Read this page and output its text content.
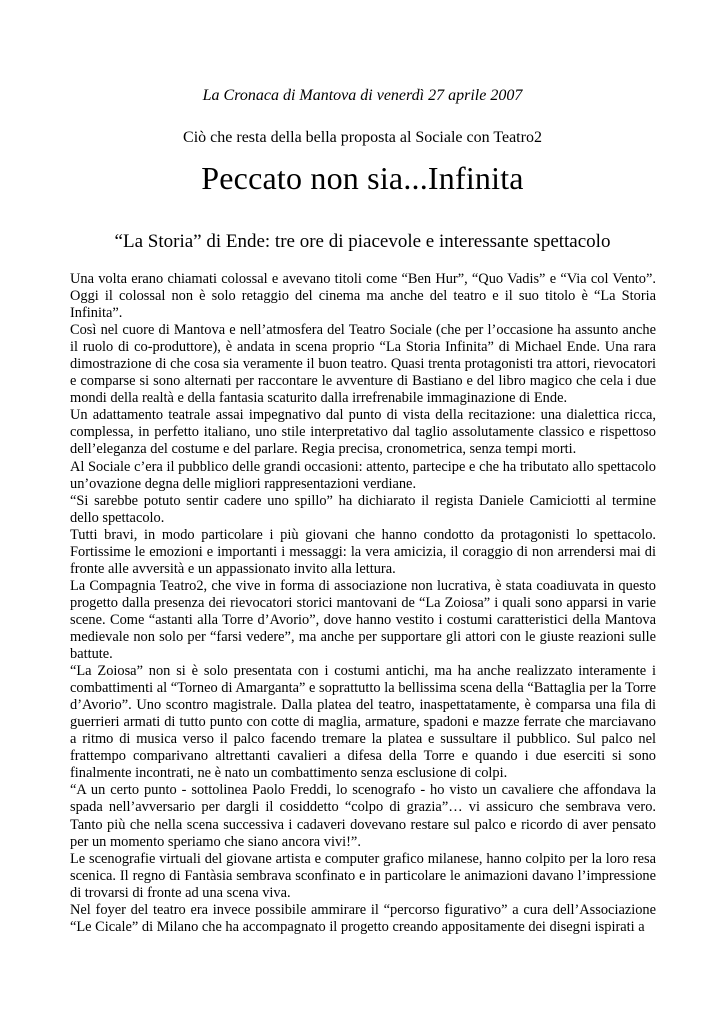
La Cronaca di Mantova di venerdì 27 aprile 2007
Ciò che resta della bella proposta al Sociale con Teatro2
Peccato non sia...Infinita
“La Storia” di Ende: tre ore di piacevole e interessante spettacolo

Una volta erano chiamati colossal e avevano titoli come “Ben Hur”, “Quo Vadis” e “Via col Vento”. Oggi il colossal non è solo retaggio del cinema ma anche del teatro e il suo titolo è “La Storia Infinita”.

Così nel cuore di Mantova e nell’atmosfera del Teatro Sociale (che per l’occasione ha assunto anche il ruolo di co-produttore), è andata in scena proprio “La Storia Infinita” di Michael Ende. Una rara dimostrazione di che cosa sia veramente il buon teatro. Quasi trenta protagonisti tra attori, rievocatori e comparse si sono alternati per raccontare le avventure di Bastiano e del libro magico che cela i due mondi della realtà e della fantasia scaturito dalla irrefrenabile immaginazione di Ende.

Un adattamento teatrale assai impegnativo dal punto di vista della recitazione: una dialettica ricca, complessa, in perfetto italiano, uno stile interpretativo dal taglio assolutamente classico e rispettoso dell’eleganza del costume e del parlare. Regia precisa, cronometrica, senza tempi morti.

Al Sociale c’era il pubblico delle grandi occasioni: attento, partecipe e che ha tributato allo spettacolo un’ovazione degna delle migliori rappresentazioni verdiane.

“Si sarebbe potuto sentir cadere uno spillo” ha dichiarato il regista Daniele Camiciotti al termine dello spettacolo.

Tutti bravi, in modo particolare i più giovani che hanno condotto da protagonisti lo spettacolo. Fortissime le emozioni e importanti i messaggi: la vera amicizia, il coraggio di non arrendersi mai di fronte alle avversità e un appassionato invito alla lettura.

La Compagnia Teatro2, che vive in forma di associazione non lucrativa, è stata coadiuvata in questo progetto dalla presenza dei rievocatori storici mantovani de “La Zoiosa” i quali sono apparsi in varie scene. Come “astanti alla Torre d’Avorio”, dove hanno vestito i costumi caratteristici della Mantova medievale non solo per “farsi vedere”, ma anche per supportare gli attori con le giuste reazioni sulle battute.

“La Zoiosa” non si è solo presentata con i costumi antichi, ma ha anche realizzato interamente i combattimenti al “Torneo di Amarganta” e soprattutto la bellissima scena della “Battaglia per la Torre d’Avorio”. Uno scontro magistrale. Dalla platea del teatro, inaspettatamente, è comparsa una fila di guerrieri armati di tutto punto con cotte di maglia, armature, spadoni e mazze ferrate che marciavano a ritmo di musica verso il palco facendo tremare la platea e sussultare il pubblico. Sul palco nel frattempo comparivano altrettanti cavalieri a difesa della Torre e quando i due eserciti si sono finalmente incontrati, ne è nato un combattimento senza esclusione di colpi.

“A un certo punto - sottolinea Paolo Freddi, lo scenografo - ho visto un cavaliere che affondava la spada nell’avversario per dargli il cosiddetto “colpo di grazia”… vi assicuro che sembrava vero. Tanto più che nella scena successiva i cadaveri dovevano restare sul palco e ricordo di aver pensato per un momento speriamo che siano ancora vivi!”.

Le scenografie virtuali del giovane artista e computer grafico milanese, hanno colpito per la loro resa scenica. Il regno di Fantàsia sembrava sconfinato e in particolare le animazioni davano l’impressione di trovarsi di fronte ad una scena viva.

Nel foyer del teatro era invece possibile ammirare il “percorso figurativo” a cura dell’Associazione “Le Cicale” di Milano che ha accompagnato il progetto creando appositamente dei disegni ispirati a
